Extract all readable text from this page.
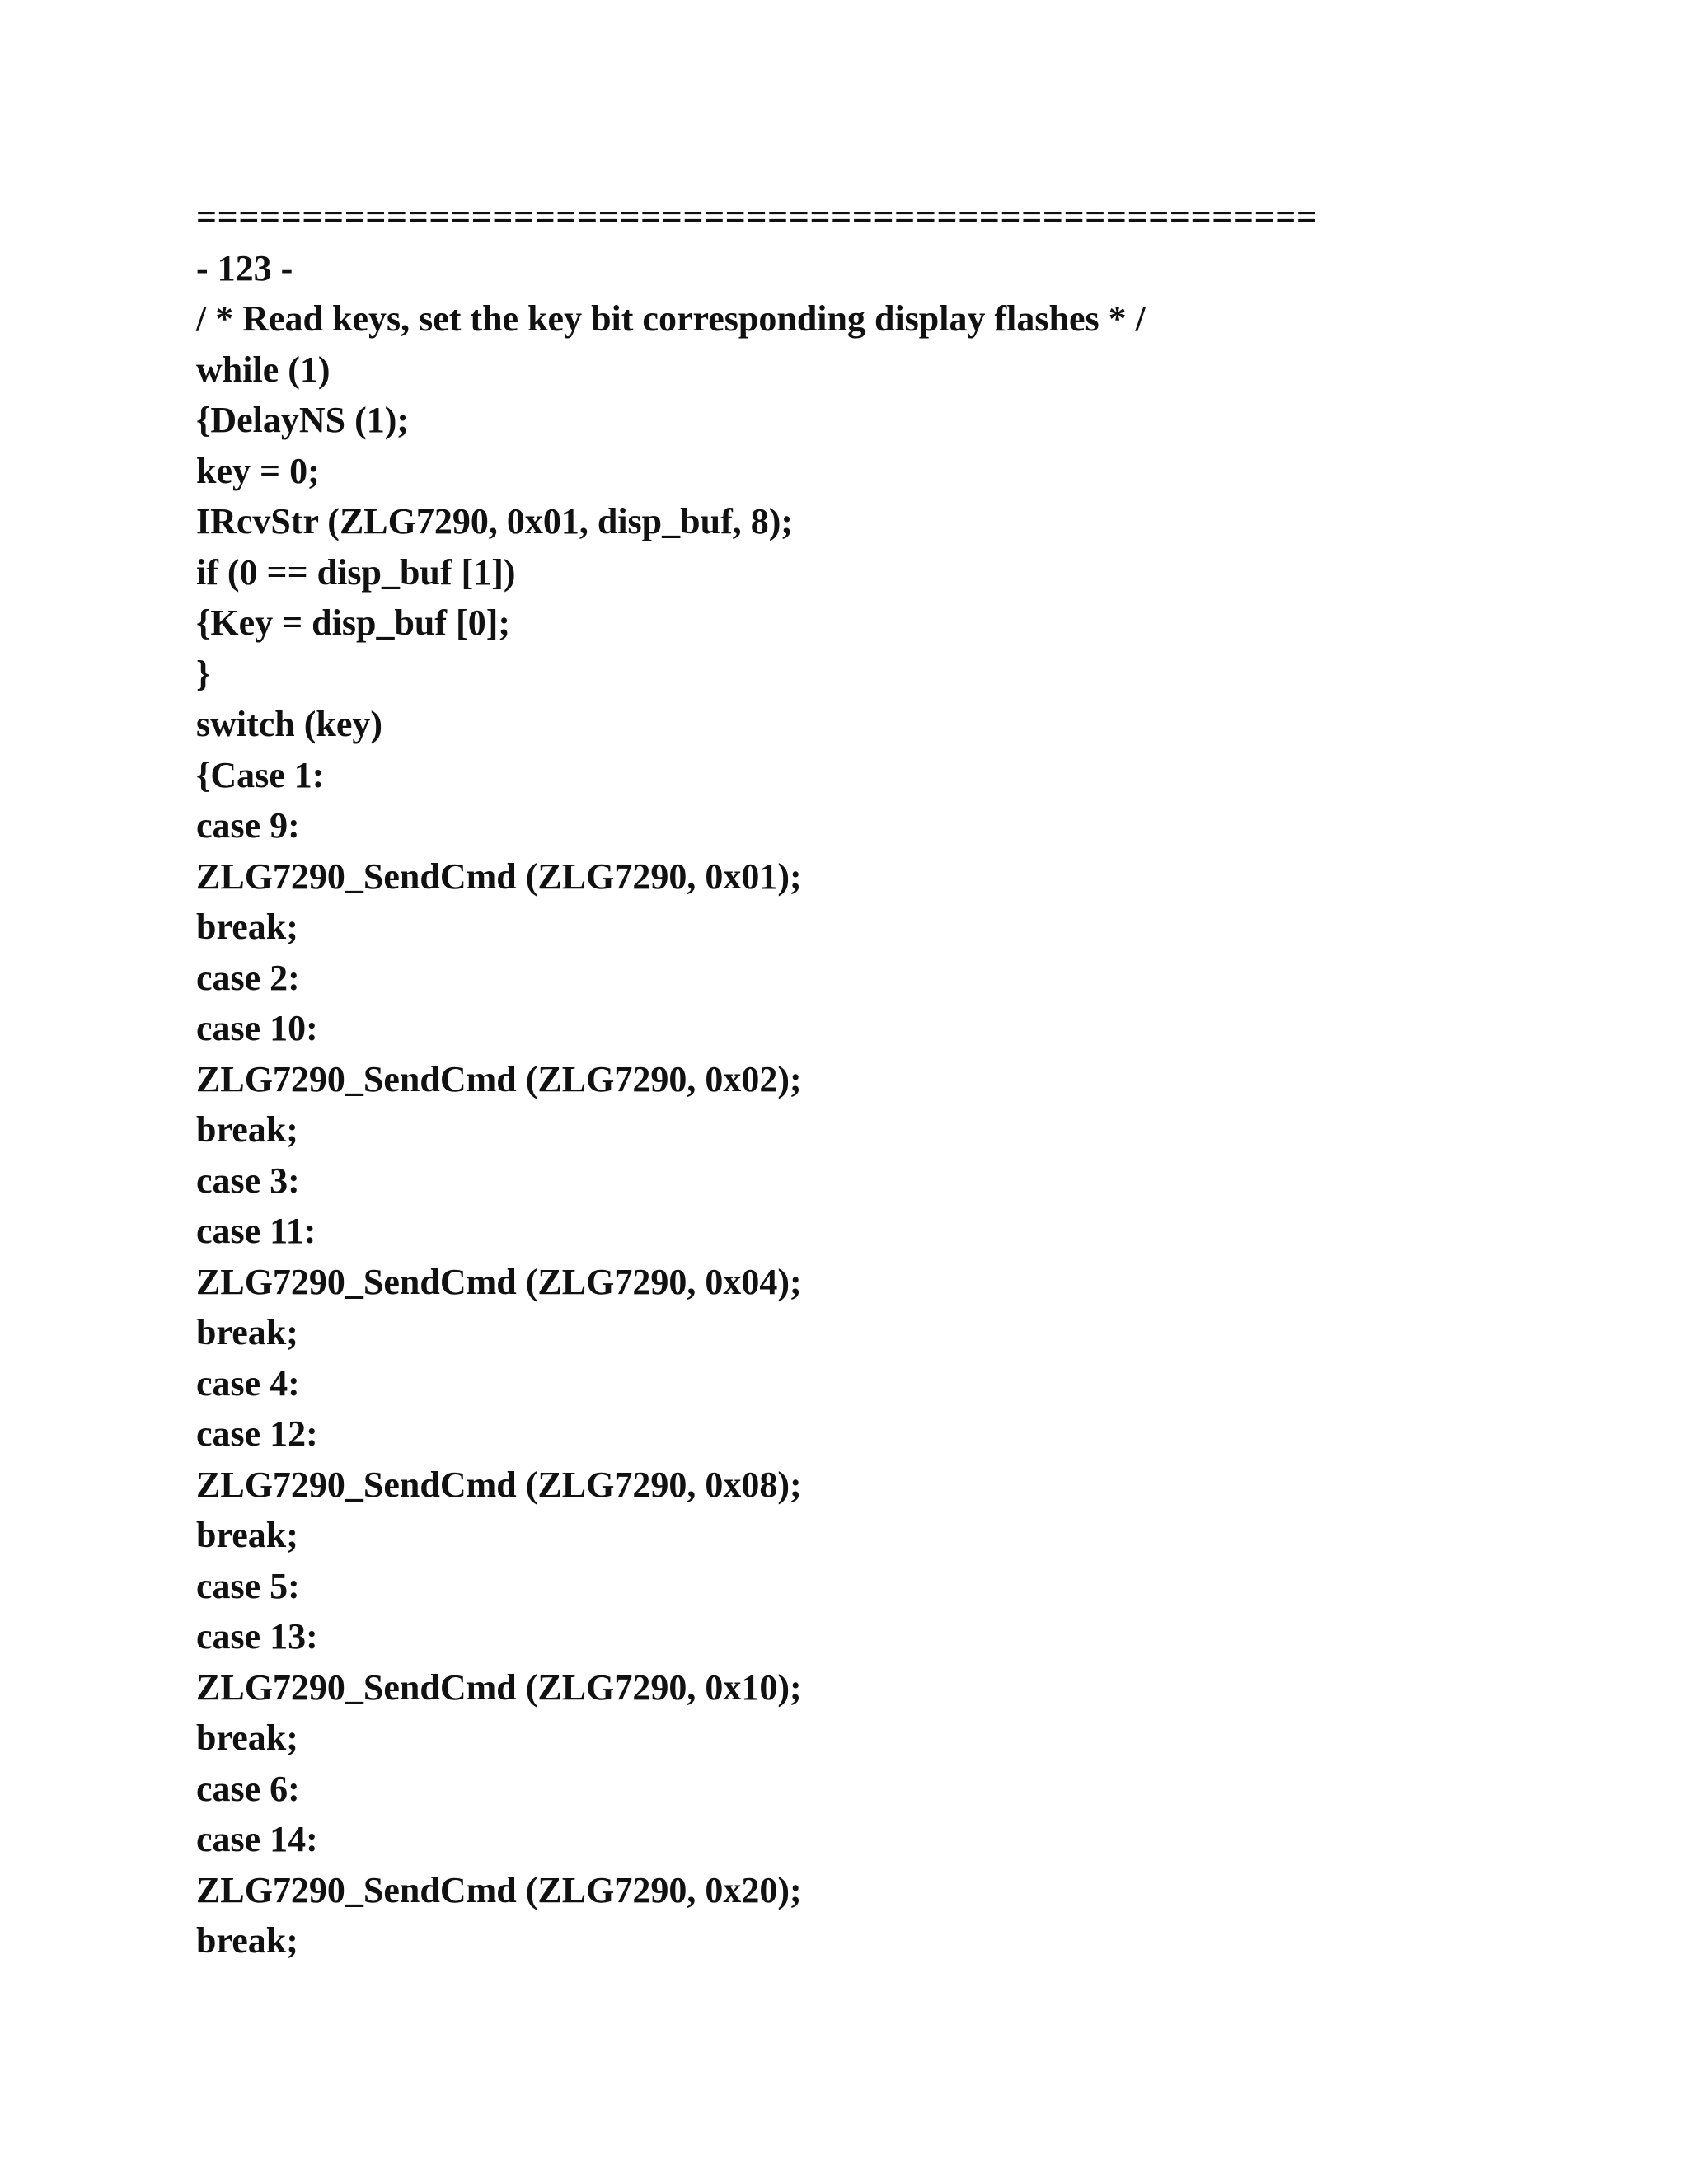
=====================================================
- 123 -
/ * Read keys, set the key bit corresponding display flashes * /
while (1)
{DelayNS (1);
key = 0;
IRcvStr (ZLG7290, 0x01, disp_buf, 8);
if (0 == disp_buf [1])
{Key = disp_buf [0];
}
switch (key)
{Case 1:
case 9:
ZLG7290_SendCmd (ZLG7290, 0x01);
break;
case 2:
case 10:
ZLG7290_SendCmd (ZLG7290, 0x02);
break;
case 3:
case 11:
ZLG7290_SendCmd (ZLG7290, 0x04);
break;
case 4:
case 12:
ZLG7290_SendCmd (ZLG7290, 0x08);
break;
case 5:
case 13:
ZLG7290_SendCmd (ZLG7290, 0x10);
break;
case 6:
case 14:
ZLG7290_SendCmd (ZLG7290, 0x20);
break;
